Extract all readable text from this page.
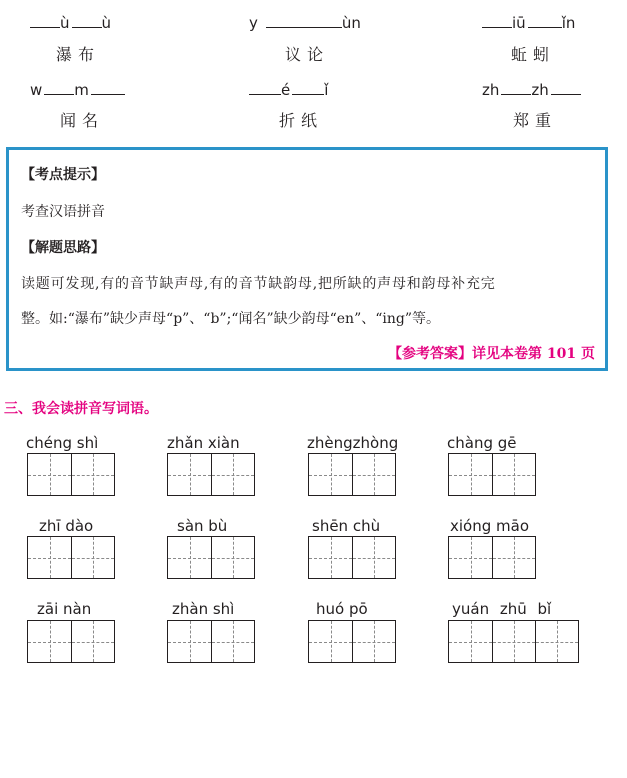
ù ù
瀑布
y	ùn
议论
iū ǐn
蚯蚓
w m
闻名
é ǐ
折纸
zh zh
郑重
【考点提示】
考查汉语拼音
【解题思路】
读题可发现,有的音节缺声母,有的音节缺韵母,把所缺的声母和韵母补充完
整。如:“瀑布”缺少声母“p”、“b”;“闻名”缺少韵母“en”、“ing”等。
【参考答案】详见本卷第 101 页
三、我会读拼音写词语。
chéng shì	zhǎn xiàn	zhèngzhòng	chàng gē
zhī dào	sàn bù	shēn chù	xióng māo
zāi nàn	zhàn shì	huó pō	yuán zhū bǐ
